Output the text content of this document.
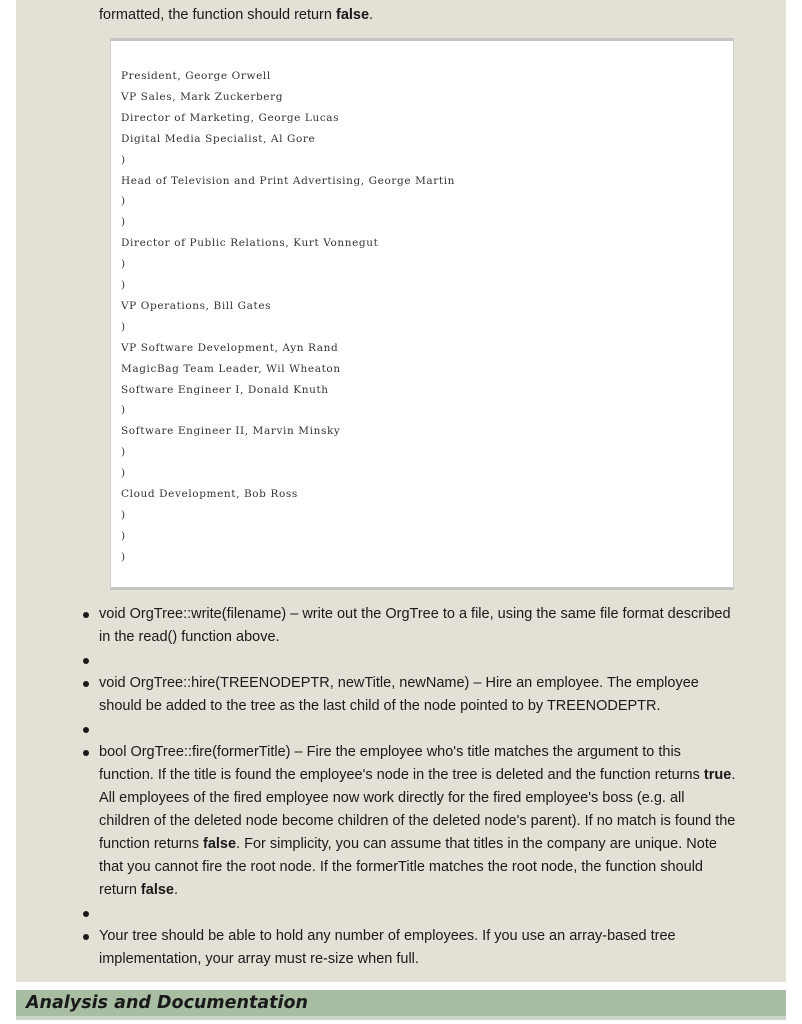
formatted, the function should return false.

President, George Orwell
VP Sales, Mark Zuckerberg
Director of Marketing, George Lucas
Digital Media Specialist, Al Gore
)
Head of Television and Print Advertising, George Martin
)
)
Director of Public Relations, Kurt Vonnegut
)
)
VP Operations, Bill Gates
)
VP Software Development, Ayn Rand
MagicBag Team Leader, Wil Wheaton
Software Engineer I, Donald Knuth
)
Software Engineer II, Marvin Minsky
)
)
Cloud Development, Bob Ross
)
)
)

void OrgTree::write(filename) – write out the OrgTree to a file, using the same file format described
in the read() function above.

void OrgTree::hire(TREENODEPTR, newTitle, newName) – Hire an employee. The employee
should be added to the tree as the last child of the node pointed to by TREENODEPTR.

bool OrgTree::fire(formerTitle) – Fire the employee who's title matches the argument to this
function. If the title is found the employee's node in the tree is deleted and the function returns true.
All employees of the fired employee now work directly for the fired employee's boss (e.g. all
children of the deleted node become children of the deleted node's parent). If no match is found the
function returns false. For simplicity, you can assume that titles in the company are unique. Note
that you cannot fire the root node. If the formerTitle matches the root node, the function should
return false.

Your tree should be able to hold any number of employees. If you use an array-based tree
implementation, your array must re-size when full.

Analysis and Documentation
